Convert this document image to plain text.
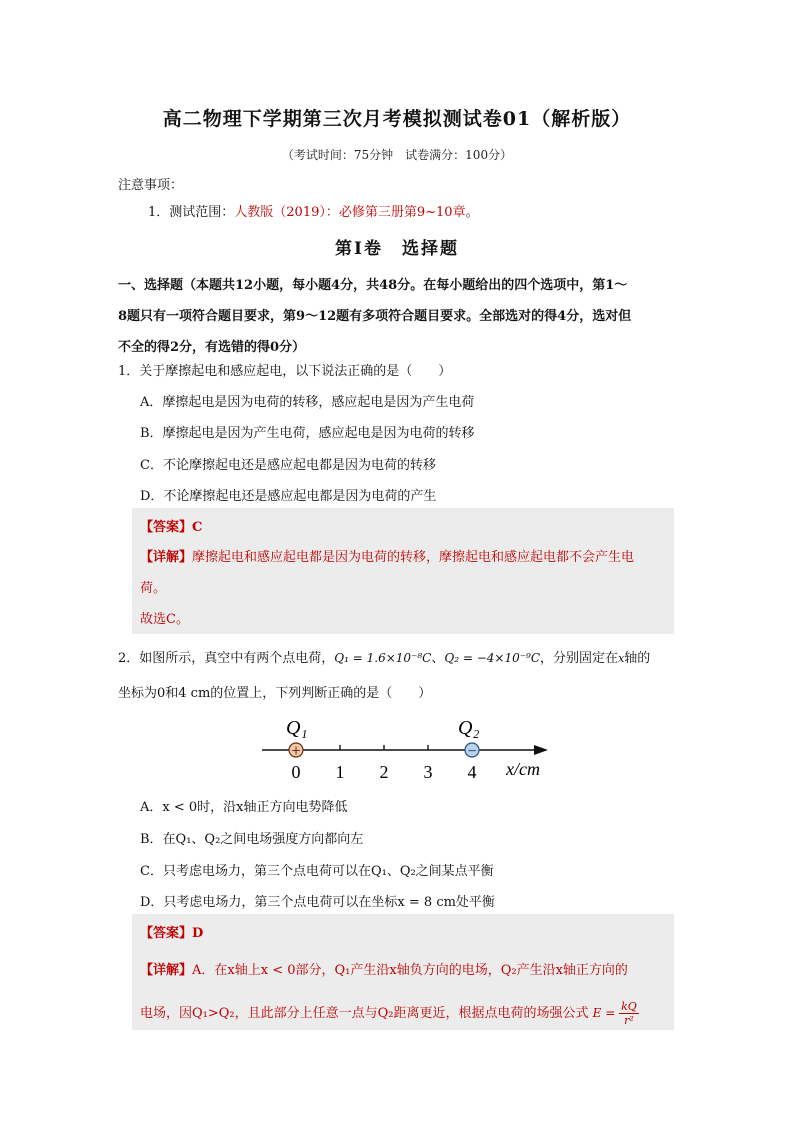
高二物理下学期第三次月考模拟测试卷01（解析版）
（考试时间：75分钟　试卷满分：100分）
注意事项：
1．测试范围：人教版（2019）：必修第三册第9~10章。
第Ⅰ卷　选择题
一、选择题（本题共12小题，每小题4分，共48分。在每小题给出的四个选项中，第1～
8题只有一项符合题目要求，第9～12题有多项符合题目要求。全部选对的得4分，选对但
不全的得2分，有选错的得0分）
1．关于摩擦起电和感应起电，以下说法正确的是（　　）
A．摩擦起电是因为电荷的转移，感应起电是因为产生电荷
B．摩擦起电是因为产生电荷，感应起电是因为电荷的转移
C．不论摩擦起电还是感应起电都是因为电荷的转移
D．不论摩擦起电还是感应起电都是因为电荷的产生
【答案】C
【详解】摩擦起电和感应起电都是因为电荷的转移，摩擦起电和感应起电都不会产生电
荷。
故选C。
2．如图所示，真空中有两个点电荷，Q₁ = 1.6×10⁻⁸C、Q₂ = −4×10⁻⁹C，分别固定在x轴的
坐标为0和4 cm的位置上，下列判断正确的是（　　）
Q₁	Q₂
+	−
0 1 2 3 4 x/cm
A．x < 0时，沿x轴正方向电势降低
B．在Q₁、Q₂之间电场强度方向都向左
C．只考虑电场力，第三个点电荷可以在Q₁、Q₂之间某点平衡
D．只考虑电场力，第三个点电荷可以在坐标x = 8 cm处平衡
【答案】D
【详解】A．在x轴上x < 0部分，Q₁产生沿x轴负方向的电场，Q₂产生沿x轴正方向的
电场，因Q₁>Q₂，且此部分上任意一点与Q₂距离更近，根据点电荷的场强公式 $E = \frac{kQ}{\text{r²}}$
